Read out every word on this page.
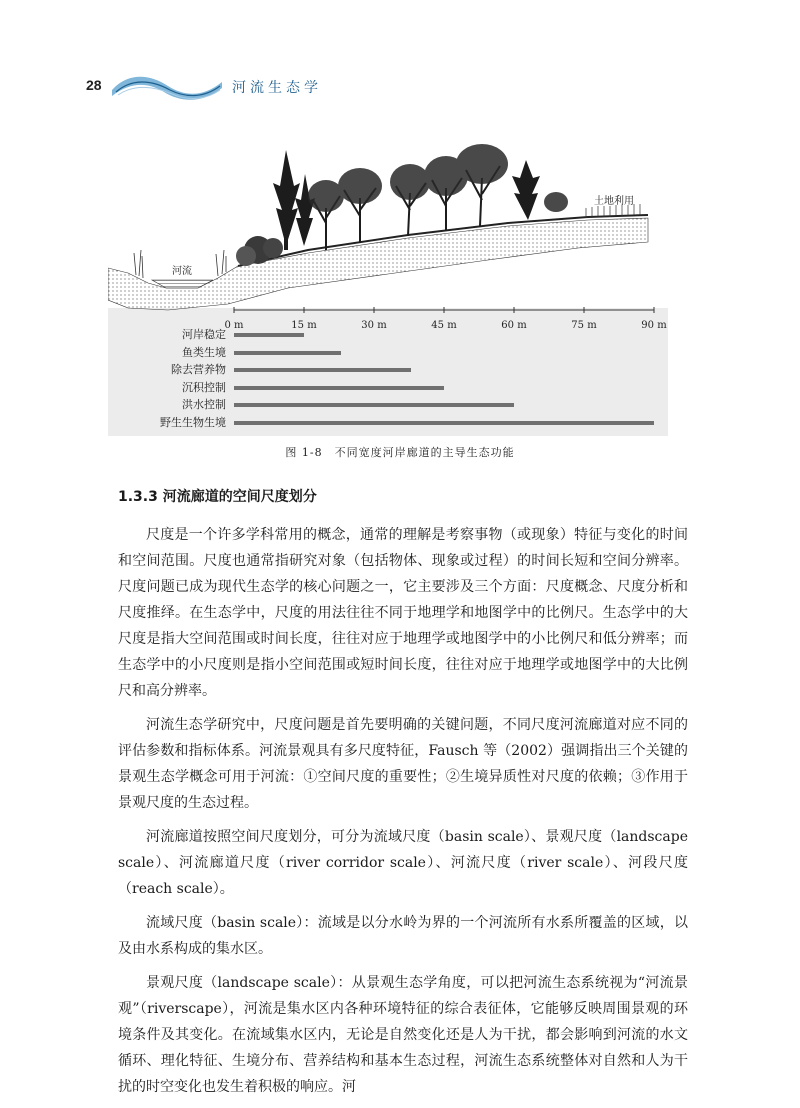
28	河流生态学
河流
土地利用
0 m	15 m	30 m	45 m	60 m	75 m	90 m
河岸稳定
鱼类生境
除去营养物
沉积控制
洪水控制
野生生物生境
图 1-8　不同宽度河岸廊道的主导生态功能
1.3.3 河流廊道的空间尺度划分

尺度是一个许多学科常用的概念，通常的理解是考察事物（或现象）特征与变化的时间和空间范围。尺度也通常指研究对象（包括物体、现象或过程）的时间长短和空间分辨率。尺度问题已成为现代生态学的核心问题之一，它主要涉及三个方面：尺度概念、尺度分析和尺度推绎。在生态学中，尺度的用法往往不同于地理学和地图学中的比例尺。生态学中的大尺度是指大空间范围或时间长度，往往对应于地理学或地图学中的小比例尺和低分辨率；而生态学中的小尺度则是指小空间范围或短时间长度，往往对应于地理学或地图学中的大比例尺和高分辨率。

河流生态学研究中，尺度问题是首先要明确的关键问题，不同尺度河流廊道对应不同的评估参数和指标体系。河流景观具有多尺度特征，Fausch 等（2002）强调指出三个关键的景观生态学概念可用于河流：①空间尺度的重要性；②生境异质性对尺度的依赖；③作用于景观尺度的生态过程。

河流廊道按照空间尺度划分，可分为流域尺度（basin scale）、景观尺度（landscape scale）、河流廊道尺度（river corridor scale）、河流尺度（river scale）、河段尺度（reach scale）。

流域尺度（basin scale）：流域是以分水岭为界的一个河流所有水系所覆盖的区域，以及由水系构成的集水区。

景观尺度（landscape scale）：从景观生态学角度，可以把河流生态系统视为“河流景观”（riverscape），河流是集水区内各种环境特征的综合表征体，它能够反映周围景观的环境条件及其变化。在流域集水区内，无论是自然变化还是人为干扰，都会影响到河流的水文循环、理化特征、生境分布、营养结构和基本生态过程，河流生态系统整体对自然和人为干扰的时空变化也发生着积极的响应。河
